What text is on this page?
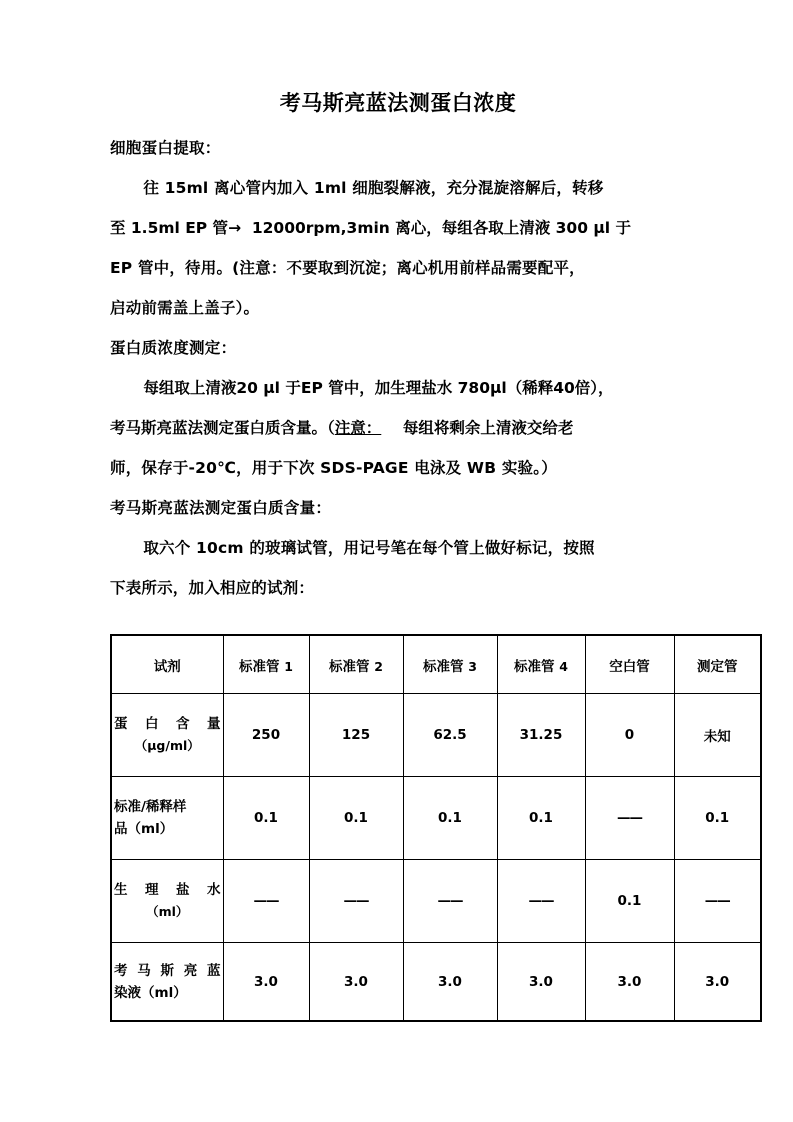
考马斯亮蓝法测蛋白浓度

细胞蛋白提取：

往 15ml 离心管内加入 1ml 细胞裂解液，充分混旋溶解后，转移

至 1.5ml EP 管→ 12000rpm,3min 离心，每组各取上清液 300 μl 于

EP 管中，待用。(注意：不要取到沉淀；离心机用前样品需要配平，

启动前需盖上盖子）。

蛋白质浓度测定：

每组取上清液20 μl 于EP 管中，加生理盐水 780μl（稀释40倍），

考马斯亮蓝法测定蛋白质含量。（注意： 每组将剩余上清液交给老

师，保存于-20℃，用于下次 SDS-PAGE 电泳及 WB 实验。）

考马斯亮蓝法测定蛋白质含量：

取六个 10cm 的玻璃试管，用记号笔在每个管上做好标记，按照

下表所示，加入相应的试剂：

试剂	标准管 1	标准管 2	标准管 3	标准管 4	空白管	测定管

蛋白含量
（μg/ml）	250	125	62.5	31.25	0	未知

标准/稀释样
品（ml）	0.1	0.1	0.1	0.1	——	0.1

生理盐水
（ml）	——	——	——	——	0.1	——

考马斯亮蓝
染液（ml）	3.0	3.0	3.0	3.0	3.0	3.0
